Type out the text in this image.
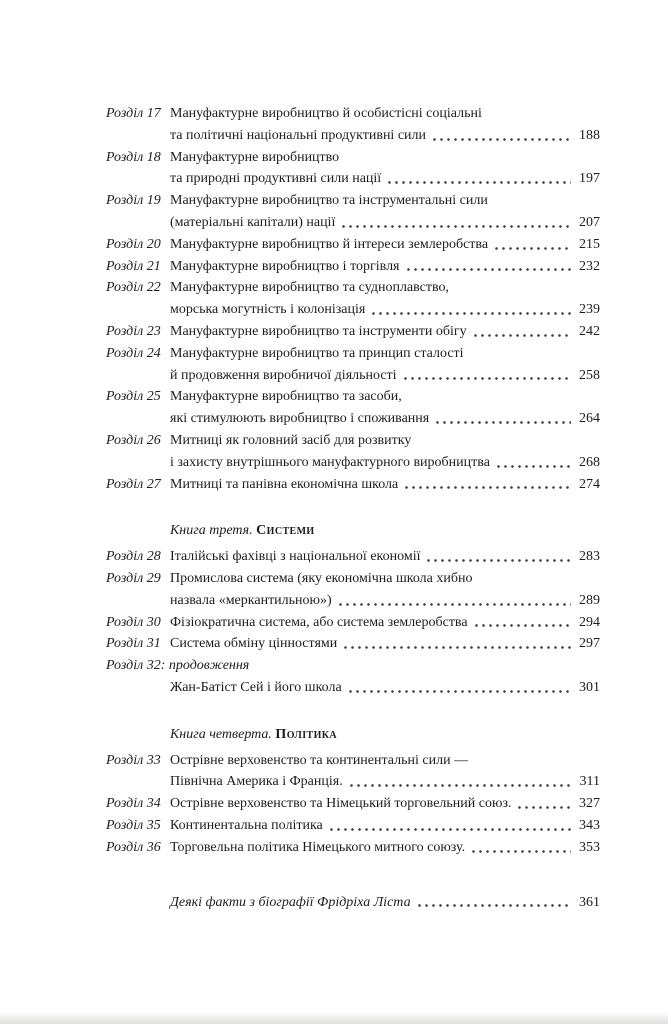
Розділ 17 Мануфактурне виробництво й особистісні соціальні
та політичні національні продуктивні сили	188
Розділ 18 Мануфактурне виробництво
та природні продуктивні сили нації	197
Розділ 19 Мануфактурне виробництво та інструментальні сили
(матеріальні капітали) нації	207
Розділ 20 Мануфактурне виробництво й інтереси землеробства	215
Розділ 21 Мануфактурне виробництво і торгівля	232
Розділ 22 Мануфактурне виробництво та судноплавство,
морська могутність і колонізація	239
Розділ 23 Мануфактурне виробництво та інструменти обігу	242
Розділ 24 Мануфактурне виробництво та принцип сталості
й продовження виробничої діяльності	258
Розділ 25 Мануфактурне виробництво та засоби,
які стимулюють виробництво і споживання	264
Розділ 26 Митниці як головний засіб для розвитку
і захисту внутрішнього мануфактурного виробництва	268
Розділ 27 Митниці та панівна економічна школа	274
Книга третя. Системи
Розділ 28 Італійські фахівці з національної економії	283
Розділ 29 Промислова система (яку економічна школа хибно
назвала «меркантильною»)	289
Розділ 30 Фізіократична система, або система землеробства	294
Розділ 31 Система обміну цінностями	297
Розділ 32: продовження
Жан-Батіст Сей і його школа	301
Книга четверта. Політика
Розділ 33 Острівне верховенство та континентальні сили —
Північна Америка і Франція.	311
Розділ 34 Острівне верховенство та Німецький торговельний союз.	327
Розділ 35 Континентальна політика	343
Розділ 36 Торговельна політика Німецького митного союзу.	353
Деякі факти з біографії Фрідріха Ліста	361
